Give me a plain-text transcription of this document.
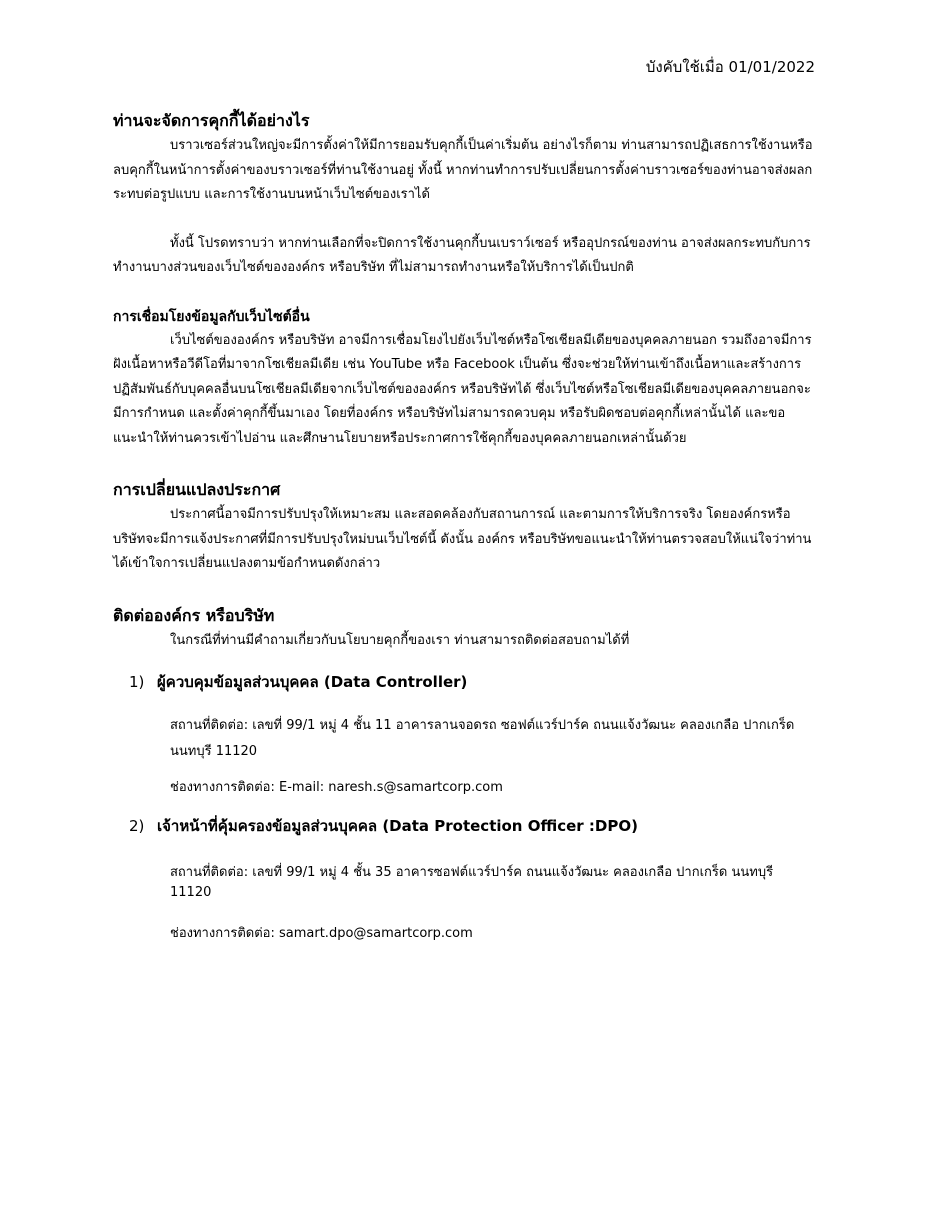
บังคับใช้เมื่อ 01/01/2022
ท่านจะจัดการคุกกี้ได้อย่างไร

บราวเซอร์ส่วนใหญ่จะมีการตั้งค่าให้มีการยอมรับคุกกี้เป็นค่าเริ่มต้น อย่างไรก็ตาม ท่านสามารถปฏิเสธการใช้งานหรือลบคุกกี้ในหน้าการตั้งค่าของบราวเซอร์ที่ท่านใช้งานอยู่ ทั้งนี้ หากท่านทำการปรับเปลี่ยนการตั้งค่าบราวเซอร์ของท่านอาจส่งผลกระทบต่อรูปแบบ และการใช้งานบนหน้าเว็บไซต์ของเราได้

ทั้งนี้ โปรดทราบว่า หากท่านเลือกที่จะปิดการใช้งานคุกกี้บนเบราว์เซอร์ หรืออุปกรณ์ของท่าน อาจส่งผลกระทบกับการทำงานบางส่วนของเว็บไซต์ขององค์กร หรือบริษัท ที่ไม่สามารถทำงานหรือให้บริการได้เป็นปกติ

การเชื่อมโยงข้อมูลกับเว็บไซต์อื่น

เว็บไซต์ขององค์กร หรือบริษัท อาจมีการเชื่อมโยงไปยังเว็บไซต์หรือโซเชียลมีเดียของบุคคลภายนอก รวมถึงอาจมีการฝังเนื้อหาหรือวีดีโอที่มาจากโซเชียลมีเดีย เช่น YouTube หรือ Facebook เป็นต้น ซึ่งจะช่วยให้ท่านเข้าถึงเนื้อหาและสร้างการปฏิสัมพันธ์กับบุคคลอื่นบนโซเชียลมีเดียจากเว็บไซต์ขององค์กร หรือบริษัทได้ ซึ่งเว็บไซต์หรือโซเชียลมีเดียของบุคคลภายนอกจะมีการกำหนด และตั้งค่าคุกกี้ขึ้นมาเอง โดยที่องค์กร หรือบริษัทไม่สามารถควบคุม หรือรับผิดชอบต่อคุกกี้เหล่านั้นได้ และขอแนะนำให้ท่านควรเข้าไปอ่าน และศึกษานโยบายหรือประกาศการใช้คุกกี้ของบุคคลภายนอกเหล่านั้นด้วย

การเปลี่ยนแปลงประกาศ

ประกาศนี้อาจมีการปรับปรุงให้เหมาะสม และสอดคล้องกับสถานการณ์ และตามการให้บริการจริง โดยองค์กรหรือบริษัทจะมีการแจ้งประกาศที่มีการปรับปรุงใหม่บนเว็บไซต์นี้ ดังนั้น องค์กร หรือบริษัทขอแนะนำให้ท่านตรวจสอบให้แน่ใจว่าท่านได้เข้าใจการเปลี่ยนแปลงตามข้อกำหนดดังกล่าว

ติดต่อองค์กร หรือบริษัท

ในกรณีที่ท่านมีคำถามเกี่ยวกับนโยบายคุกกี้ของเรา ท่านสามารถติดต่อสอบถามได้ที่

1) ผู้ควบคุมข้อมูลส่วนบุคคล (Data Controller)
สถานที่ติดต่อ: เลขที่ 99/1 หมู่ 4 ชั้น 11 อาคารลานจอดรถ ซอฟต์แวร์ปาร์ค ถนนแจ้งวัฒนะ คลองเกลือ ปากเกร็ด นนทบุรี 11120
ช่องทางการติดต่อ: E-mail: naresh.s@samartcorp.com
2) เจ้าหน้าที่คุ้มครองข้อมูลส่วนบุคคล (Data Protection Officer :DPO)
สถานที่ติดต่อ: เลขที่ 99/1 หมู่ 4 ชั้น 35 อาคารซอฟต์แวร์ปาร์ค ถนนแจ้งวัฒนะ คลองเกลือ ปากเกร็ด นนทบุรี 11120
ช่องทางการติดต่อ: samart.dpo@samartcorp.com
